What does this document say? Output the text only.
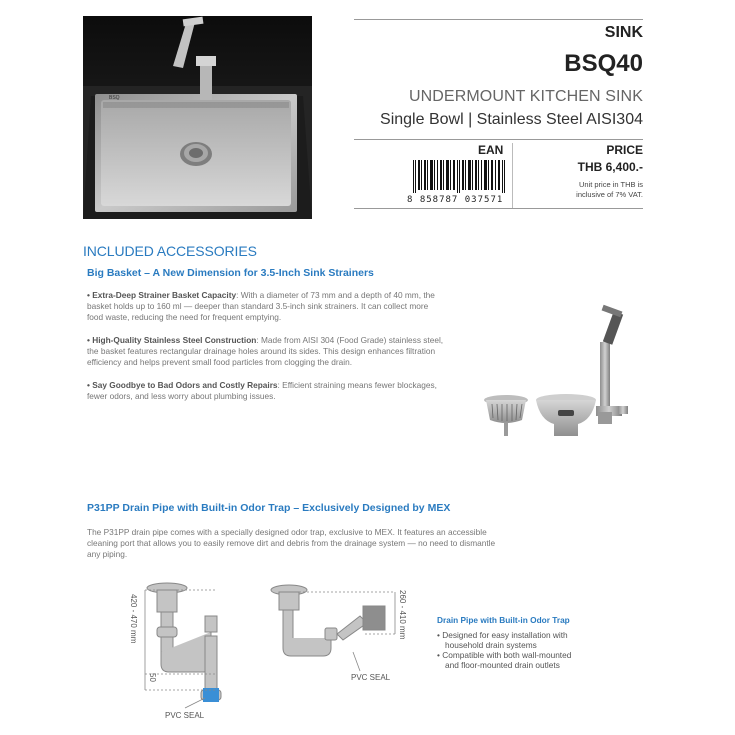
BSQ
SINK
BSQ40
UNDERMOUNT KITCHEN SINK
Single Bowl | Stainless Steel AISI304
EAN
8 858787 037571
PRICE
THB 6,400.-
Unit price in THB is
inclusive of 7% VAT.
INCLUDED ACCESSORIES
Big Basket – A New Dimension for 3.5-Inch Sink Strainers
• Extra-Deep Strainer Basket Capacity: With a diameter of 73 mm and a depth of 40 mm, the
basket holds up to 160 ml — deeper than standard 3.5-inch sink strainers. It can collect more
food waste, reducing the need for frequent emptying.
• High-Quality Stainless Steel Construction: Made from AISI 304 (Food Grade) stainless steel,
the basket features rectangular drainage holes around its sides. This design enhances filtration
efficiency and helps prevent small food particles from clogging the drain.
• Say Goodbye to Bad Odors and Costly Repairs: Efficient straining means fewer blockages,
fewer odors, and less worry about plumbing issues.
P31PP Drain Pipe with Built-in Odor Trap – Exclusively Designed by MEX
The P31PP drain pipe comes with a specially designed odor trap, exclusive to MEX. It features an accessible
cleaning port that allows you to easily remove dirt and debris from the drainage system — no need to dismantle
any piping.
420 - 470 mm
50
PVC SEAL
260 - 410 mm
PVC SEAL
Drain Pipe with Built-in Odor Trap
• Designed for easy installation with
household drain systems
• Compatible with both wall-mounted
and floor-mounted drain outlets
